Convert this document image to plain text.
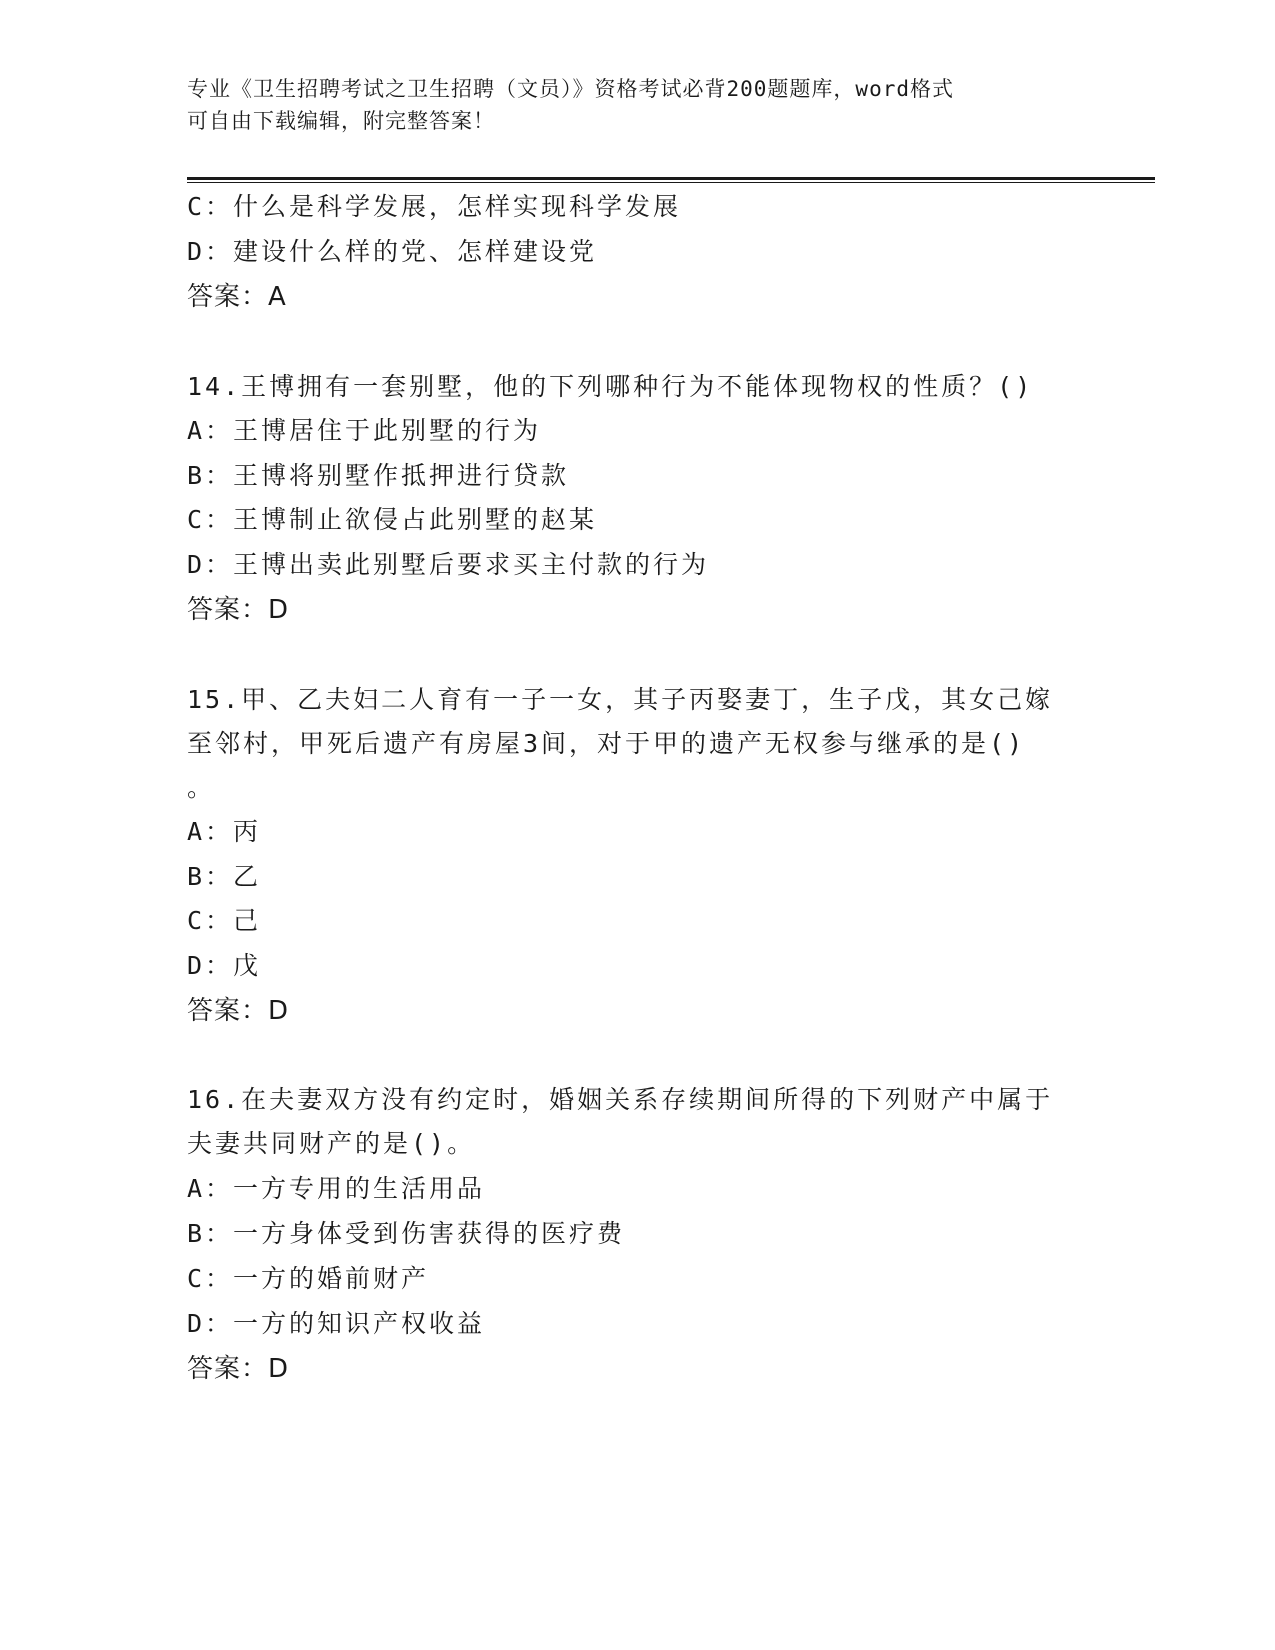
专业《卫生招聘考试之卫生招聘（文员）》资格考试必背200题题库，word格式
可自由下载编辑，附完整答案！
C：什么是科学发展，怎样实现科学发展
D：建设什么样的党、怎样建设党
答案：A
14.王博拥有一套别墅，他的下列哪种行为不能体现物权的性质？()
A：王博居住于此别墅的行为
B：王博将别墅作抵押进行贷款
C：王博制止欲侵占此别墅的赵某
D：王博出卖此别墅后要求买主付款的行为
答案：D
15.甲、乙夫妇二人育有一子一女，其子丙娶妻丁，生子戊，其女己嫁
至邻村，甲死后遗产有房屋3间，对于甲的遗产无权参与继承的是()
。
A：丙
B：乙
C：己
D：戊
答案：D
16.在夫妻双方没有约定时，婚姻关系存续期间所得的下列财产中属于
夫妻共同财产的是()。
A：一方专用的生活用品
B：一方身体受到伤害获得的医疗费
C：一方的婚前财产
D：一方的知识产权收益
答案：D
